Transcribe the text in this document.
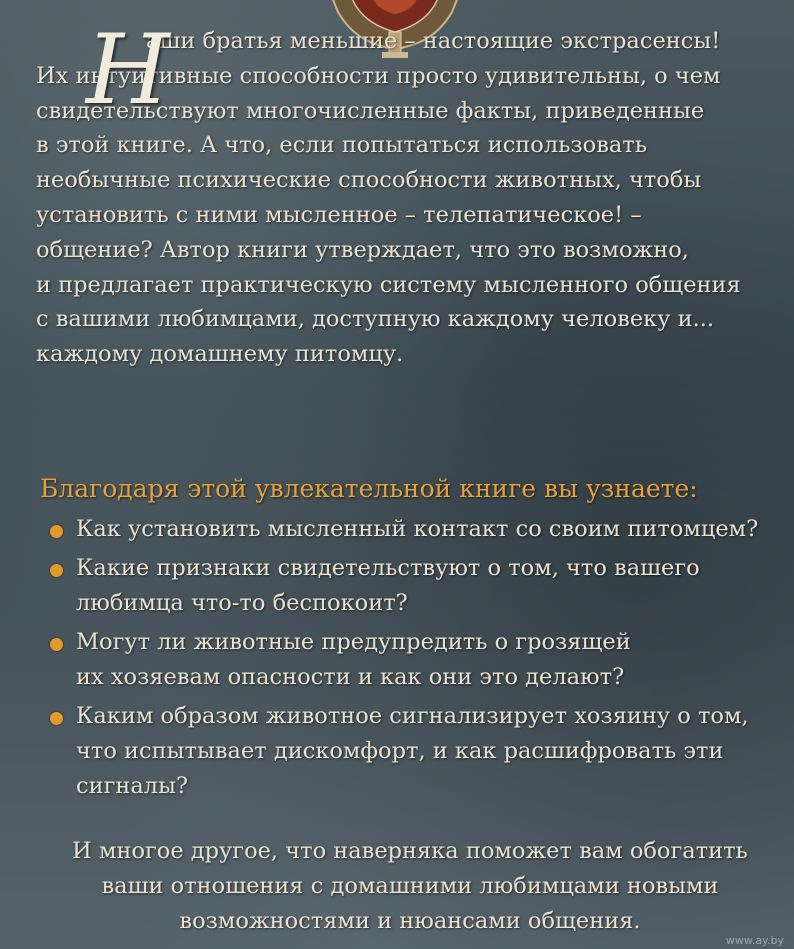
Н
аши братья меньшие – настоящие экстрасенсы!
Их интуитивные способности просто удивительны, о чем
свидетельствуют многочисленные факты, приведенные
в этой книге. А что, если попытаться использовать
необычные психические способности животных, чтобы
установить с ними мысленное – телепатическое! –
общение? Автор книги утверждает, что это возможно,
и предлагает практическую систему мысленного общения
с вашими любимцами, доступную каждому человеку и...
каждому домашнему питомцу.
Благодаря этой увлекательной книге вы узнаете:
Как установить мысленный контакт со своим питомцем?
Какие признаки свидетельствуют о том, что вашего
любимца что-то беспокоит?
Могут ли животные предупредить о грозящей
их хозяевам опасности и как они это делают?
Каким образом животное сигнализирует хозяину о том,
что испытывает дискомфорт, и как расшифровать эти
сигналы?
И многое другое, что наверняка поможет вам обогатить
ваши отношения с домашними любимцами новыми
возможностями и нюансами общения.
www.ay.by
